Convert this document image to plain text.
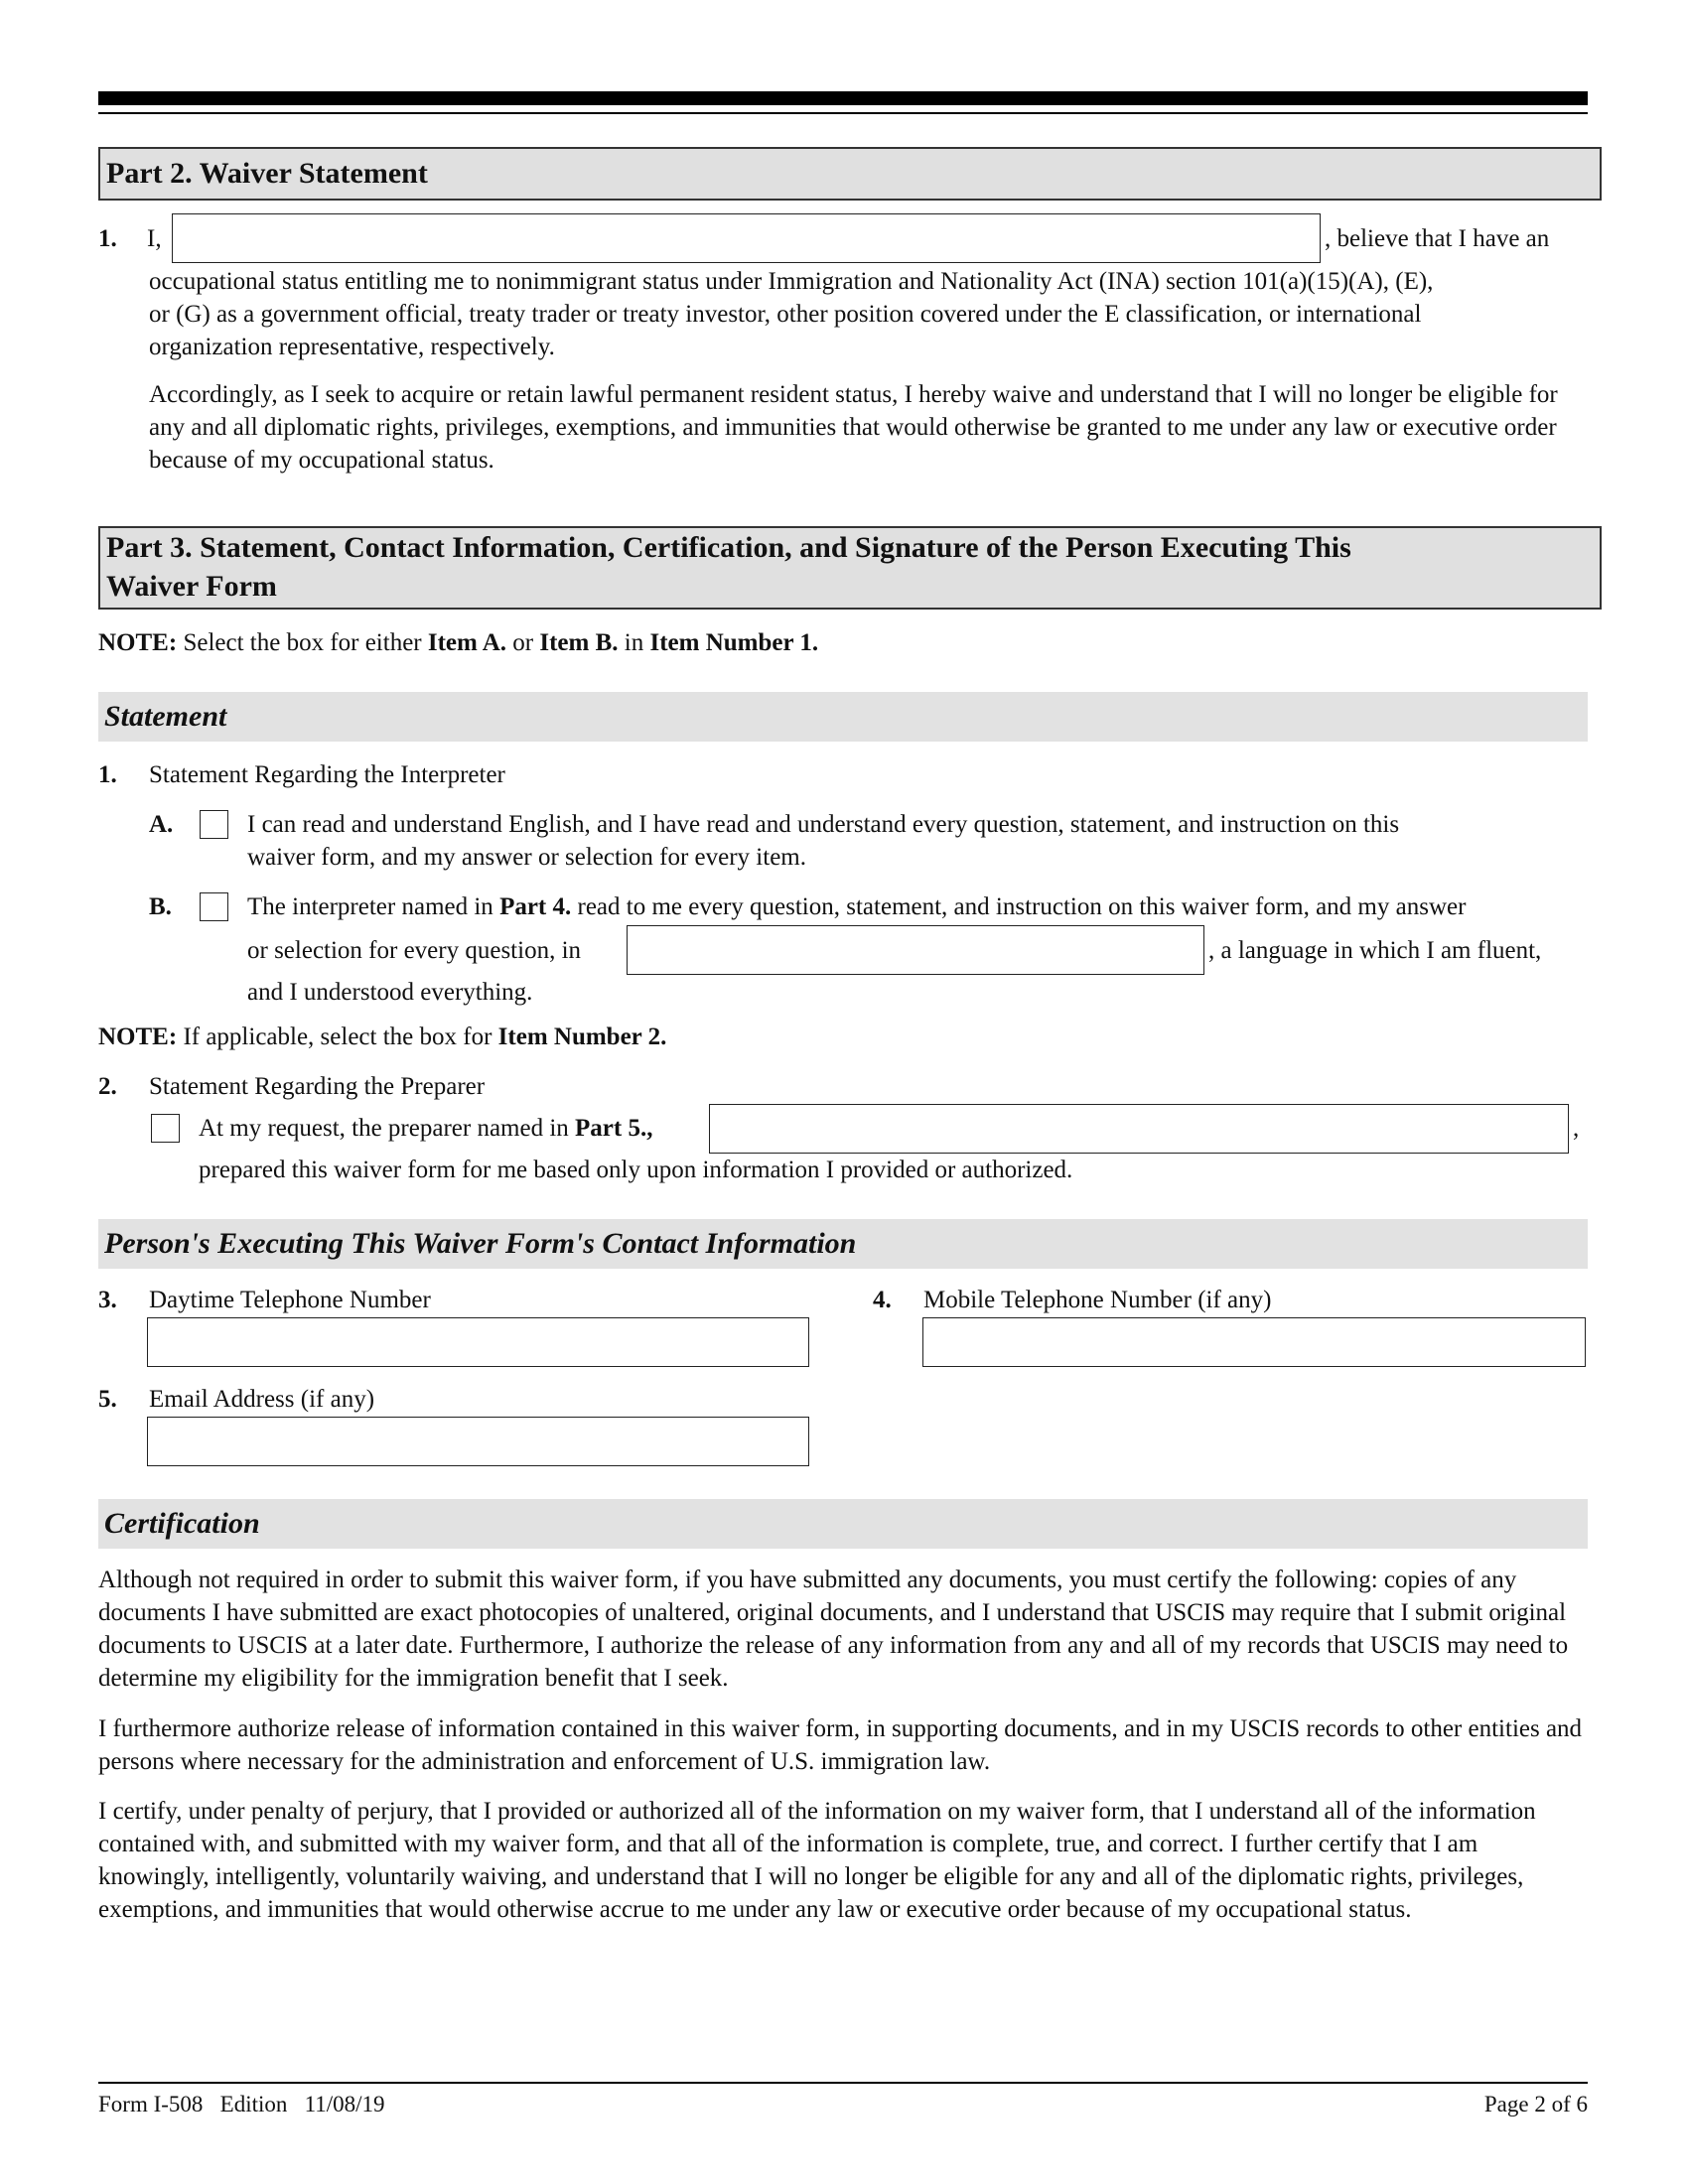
Part 2. Waiver Statement
1. I,	, believe that I have an
occupational status entitling me to nonimmigrant status under Immigration and Nationality Act (INA) section 101(a)(15)(A), (E),
or (G) as a government official, treaty trader or treaty investor, other position covered under the E classification, or international
organization representative, respectively.
Accordingly, as I seek to acquire or retain lawful permanent resident status, I hereby waive and understand that I will no longer be eligible for any and all diplomatic rights, privileges, exemptions, and immunities that would otherwise be granted to me under any law or executive order because of my occupational status.
Part 3. Statement, Contact Information, Certification, and Signature of the Person Executing This
Waiver Form
NOTE: Select the box for either Item A. or Item B. in Item Number 1.
Statement
1. Statement Regarding the Interpreter
A.	I can read and understand English, and I have read and understand every question, statement, and instruction on this
waiver form, and my answer or selection for every item.
B.	The interpreter named in Part 4. read to me every question, statement, and instruction on this waiver form, and my answer
or selection for every question, in	, a language in which I am fluent,
and I understood everything.
NOTE: If applicable, select the box for Item Number 2.
2. Statement Regarding the Preparer
At my request, the preparer named in Part 5.,	,
prepared this waiver form for me based only upon information I provided or authorized.
Person's Executing This Waiver Form's Contact Information
3. Daytime Telephone Number	4. Mobile Telephone Number (if any)
5. Email Address (if any)
Certification
Although not required in order to submit this waiver form, if you have submitted any documents, you must certify the following: copies of any documents I have submitted are exact photocopies of unaltered, original documents, and I understand that USCIS may require that I submit original documents to USCIS at a later date. Furthermore, I authorize the release of any information from any and all of my records that USCIS may need to determine my eligibility for the immigration benefit that I seek.
I furthermore authorize release of information contained in this waiver form, in supporting documents, and in my USCIS records to other entities and persons where necessary for the administration and enforcement of U.S. immigration law.
I certify, under penalty of perjury, that I provided or authorized all of the information on my waiver form, that I understand all of the information contained with, and submitted with my waiver form, and that all of the information is complete, true, and correct. I further certify that I am knowingly, intelligently, voluntarily waiving, and understand that I will no longer be eligible for any and all of the diplomatic rights, privileges, exemptions, and immunities that would otherwise accrue to me under any law or executive order because of my occupational status.
Form I-508   Edition   11/08/19	Page 2 of 6
